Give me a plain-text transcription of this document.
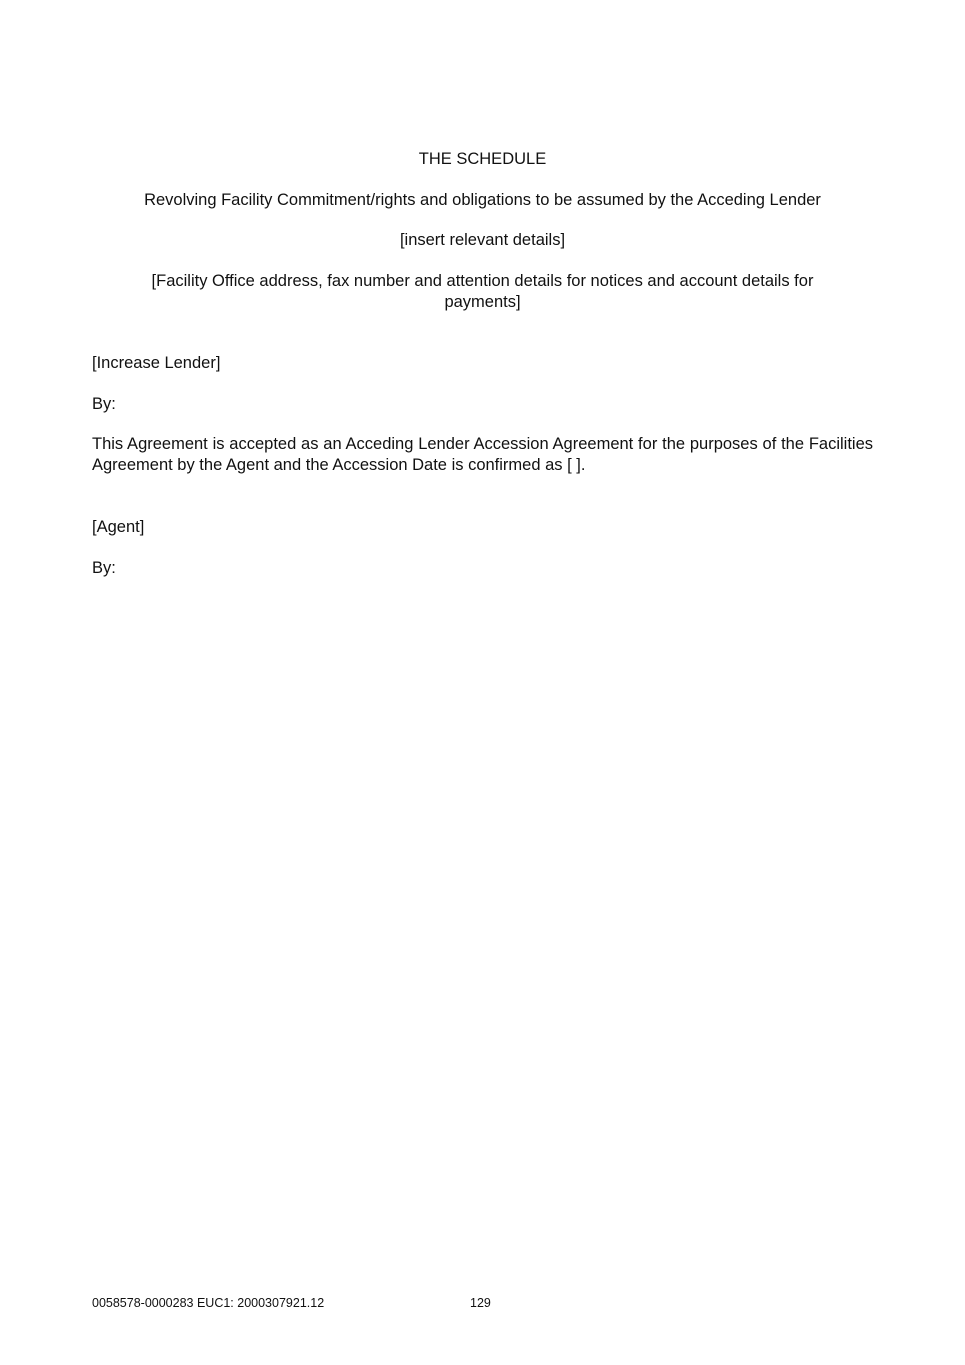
THE SCHEDULE
Revolving Facility Commitment/rights and obligations to be assumed by the Acceding Lender
[insert relevant details]
[Facility Office address, fax number and attention details for notices and account details for payments]
[Increase Lender]
By:
This Agreement is accepted as an Acceding Lender Accession Agreement for the purposes of the Facilities Agreement by the Agent and the Accession Date is confirmed as [ ].
[Agent]
By:
0058578-0000283 EUC1: 2000307921.12	129
